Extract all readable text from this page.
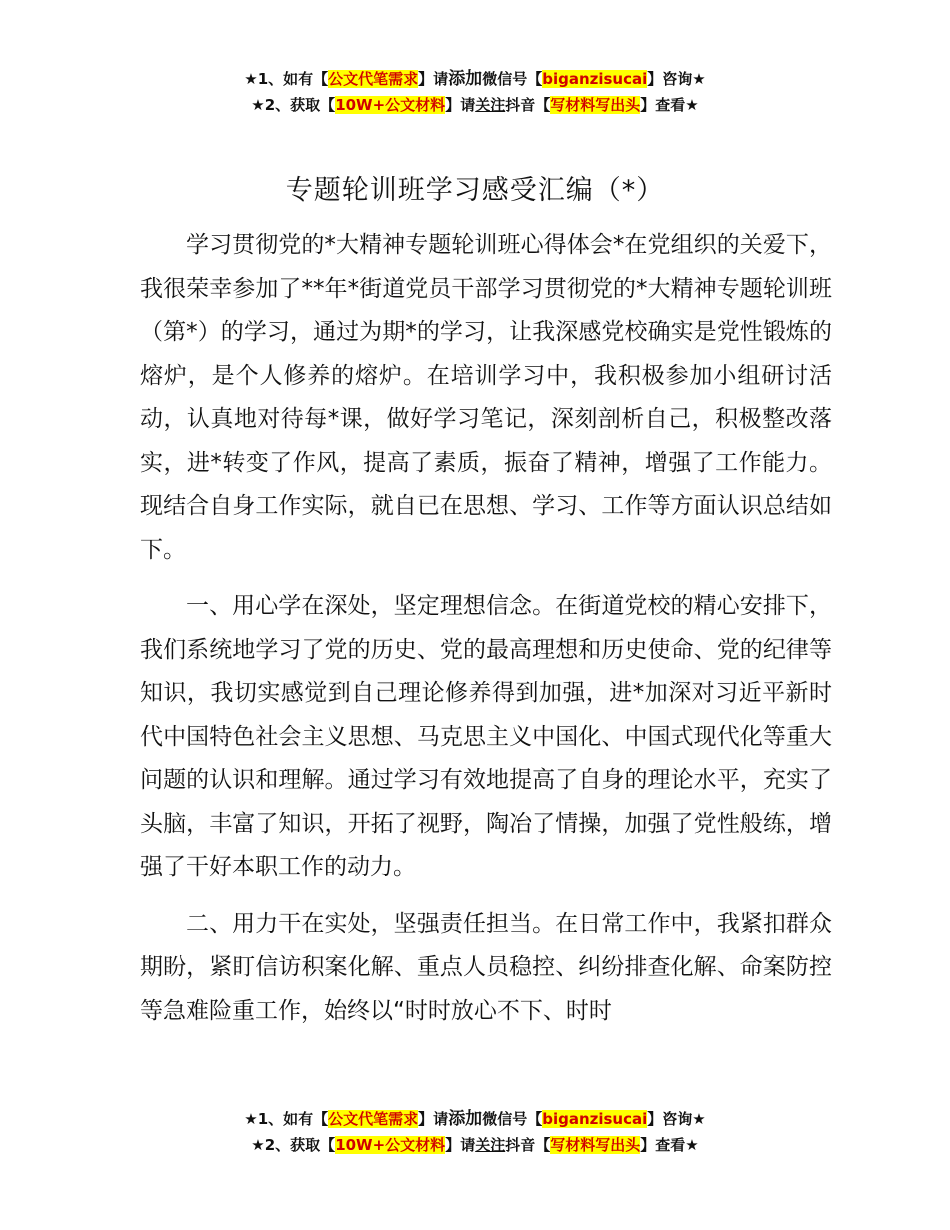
★1、如有【公文代笔需求】请添加微信号【biganzisucai】咨询★
★2、获取【10W+公文材料】请关注抖音【写材料写出头】查看★
专题轮训班学习感受汇编（*）

学习贯彻党的*大精神专题轮训班心得体会*在党组织的关爱下，我很荣幸参加了**年*街道党员干部学习贯彻党的*大精神专题轮训班（第*）的学习，通过为期*的学习，让我深感党校确实是党性锻炼的熔炉，是个人修养的熔炉。在培训学习中，我积极参加小组研讨活动，认真地对待每*课，做好学习笔记，深刻剖析自己，积极整改落实，进*转变了作风，提高了素质，振奋了精神，增强了工作能力。现结合自身工作实际，就自已在思想、学习、工作等方面认识总结如下。

一、用心学在深处，坚定理想信念。在街道党校的精心安排下，我们系统地学习了党的历史、党的最高理想和历史使命、党的纪律等知识，我切实感觉到自己理论修养得到加强，进*加深对习近平新时代中国特色社会主义思想、马克思主义中国化、中国式现代化等重大问题的认识和理解。通过学习有效地提高了自身的理论水平，充实了头脑，丰富了知识，开拓了视野，陶冶了情操，加强了党性般练，增强了干好本职工作的动力。

二、用力干在实处，坚强责任担当。在日常工作中，我紧扣群众期盼，紧盯信访积案化解、重点人员稳控、纠纷排查化解、命案防控等急难险重工作，始终以“时时放心不下、时时

★1、如有【公文代笔需求】请添加微信号【biganzisucai】咨询★
★2、获取【10W+公文材料】请关注抖音【写材料写出头】查看★
